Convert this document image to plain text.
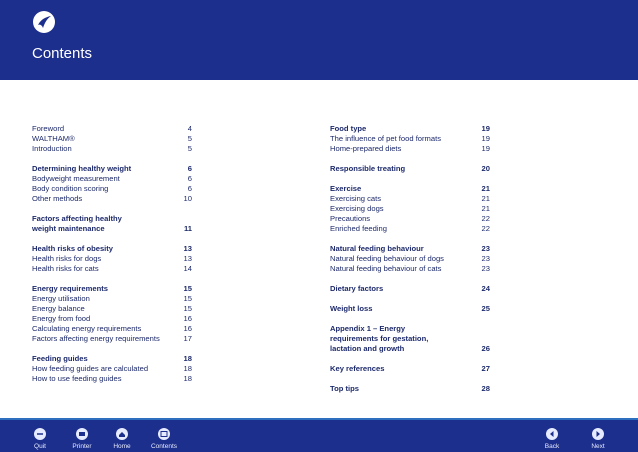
Contents
Foreword	4
WALTHAM®	5
Introduction	5
Determining healthy weight	6
Bodyweight measurement	6
Body condition scoring	6
Other methods	10
Factors affecting healthy weight maintenance	11
Health risks of obesity	13
Health risks for dogs	13
Health risks for cats	14
Energy requirements	15
Energy utilisation	15
Energy balance	15
Energy from food	16
Calculating energy requirements	16
Factors affecting energy requirements	17
Feeding guides	18
How feeding guides are calculated	18
How to use feeding guides	18
Food type	19
The influence of pet food formats	19
Home-prepared diets	19
Responsible treating	20
Exercise	21
Exercising cats	21
Exercising dogs	21
Precautions	22
Enriched feeding	22
Natural feeding behaviour	23
Natural feeding behaviour of dogs	23
Natural feeding behaviour of cats	23
Dietary factors	24
Weight loss	25
Appendix 1 – Energy requirements for gestation, lactation and growth	26
Key references	27
Top tips	28
Quit	Printer	Home	Contents	Back	Next
